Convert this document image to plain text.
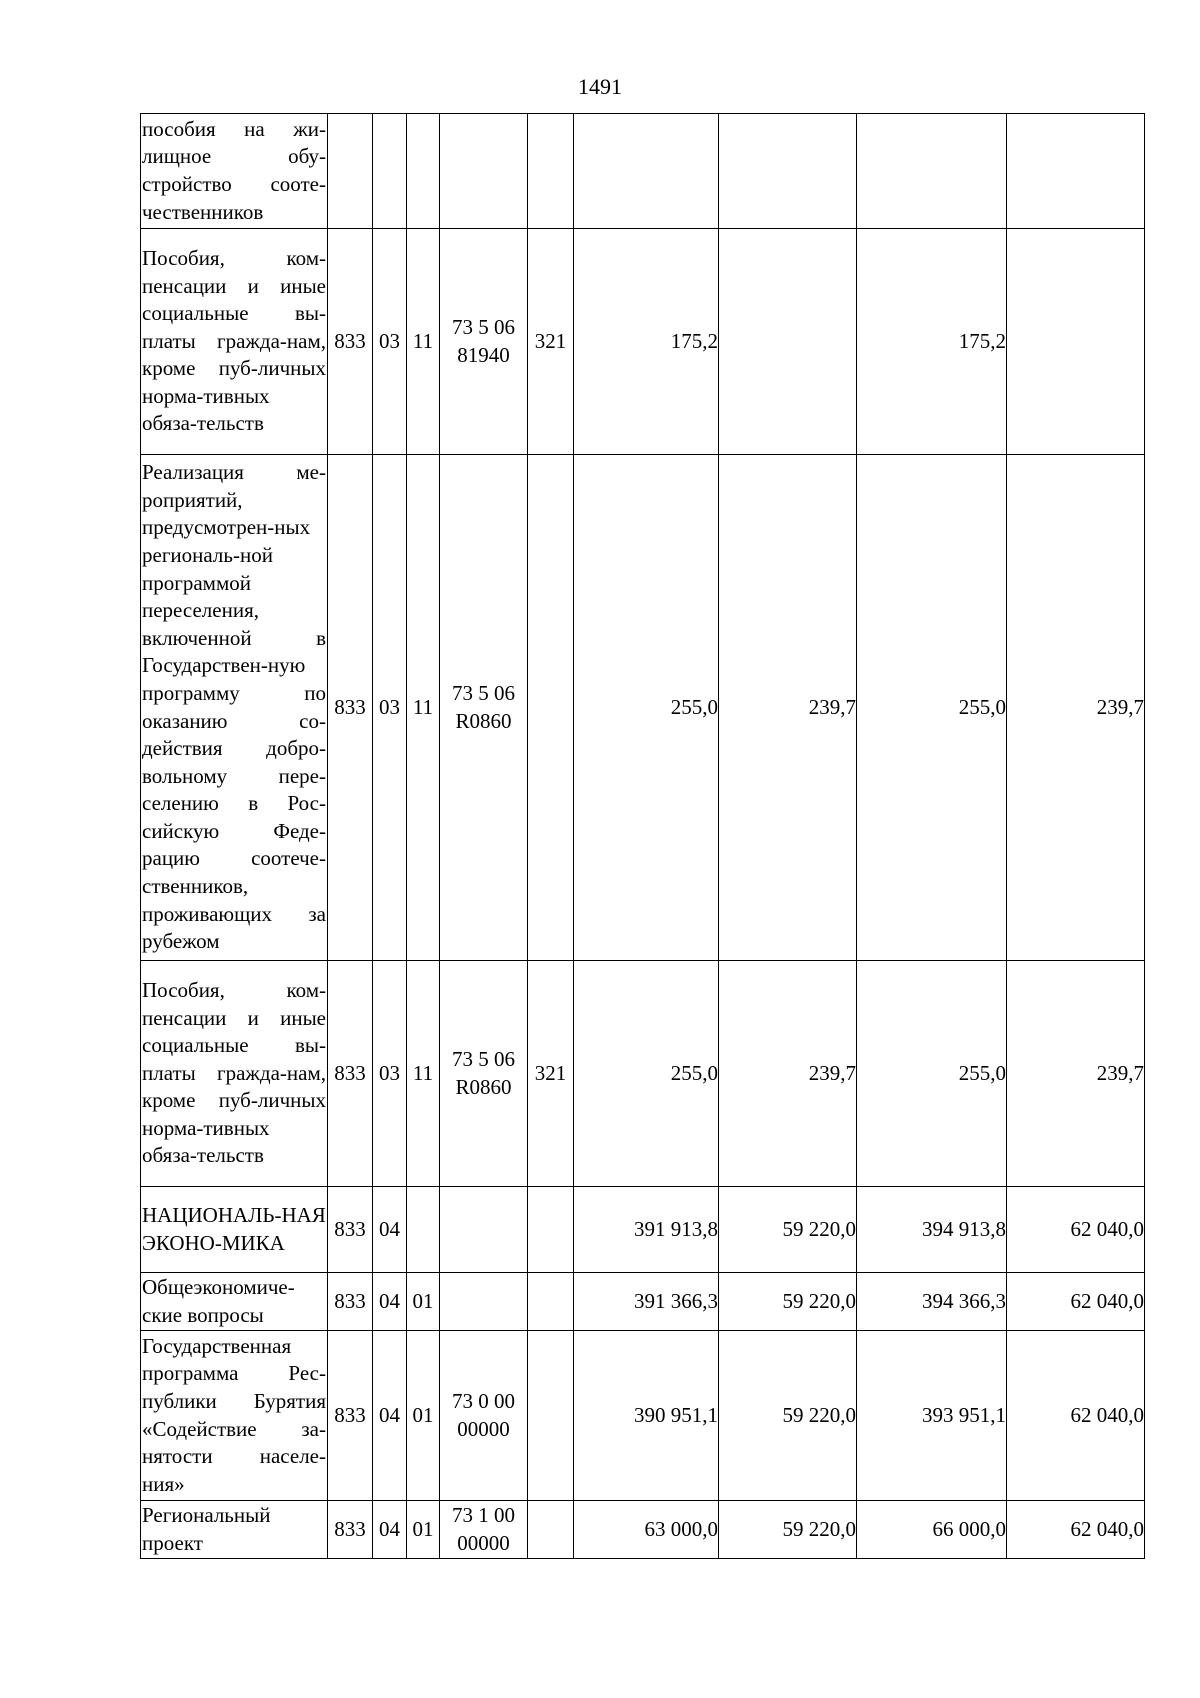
1491
пособия на жи-лищное обу-стройство сооте-чественников									
Пособия, ком-пенсации и иные социальные вы-платы гражда-нам, кроме пуб-личных норма-тивных обяза-тельств	833	03	11	73 5 06 81940	321	175,2		175,2	
Реализация ме-роприятий, предусмотрен-ных региональ-ной программой переселения, включенной в Государствен-ную программу по оказанию со-действия добро-вольному пере-селению в Рос-сийскую Феде-рацию соотече-ственников, проживающих за рубежом	833	03	11	73 5 06 R0860		255,0	239,7	255,0	239,7
Пособия, ком-пенсации и иные социальные вы-платы гражда-нам, кроме пуб-личных норма-тивных обяза-тельств	833	03	11	73 5 06 R0860	321	255,0	239,7	255,0	239,7
НАЦИОНАЛЬ-НАЯ ЭКОНО-МИКА	833	04				391 913,8	59 220,0	394 913,8	62 040,0
Общеэкономиче-ские вопросы	833	04	01			391 366,3	59 220,0	394 366,3	62 040,0
Государственная программа Рес-публики Бурятия «Содействие за-нятости населе-ния»	833	04	01	73 0 00 00000		390 951,1	59 220,0	393 951,1	62 040,0
Региональный проект	833	04	01	73 1 00 00000		63 000,0	59 220,0	66 000,0	62 040,0
